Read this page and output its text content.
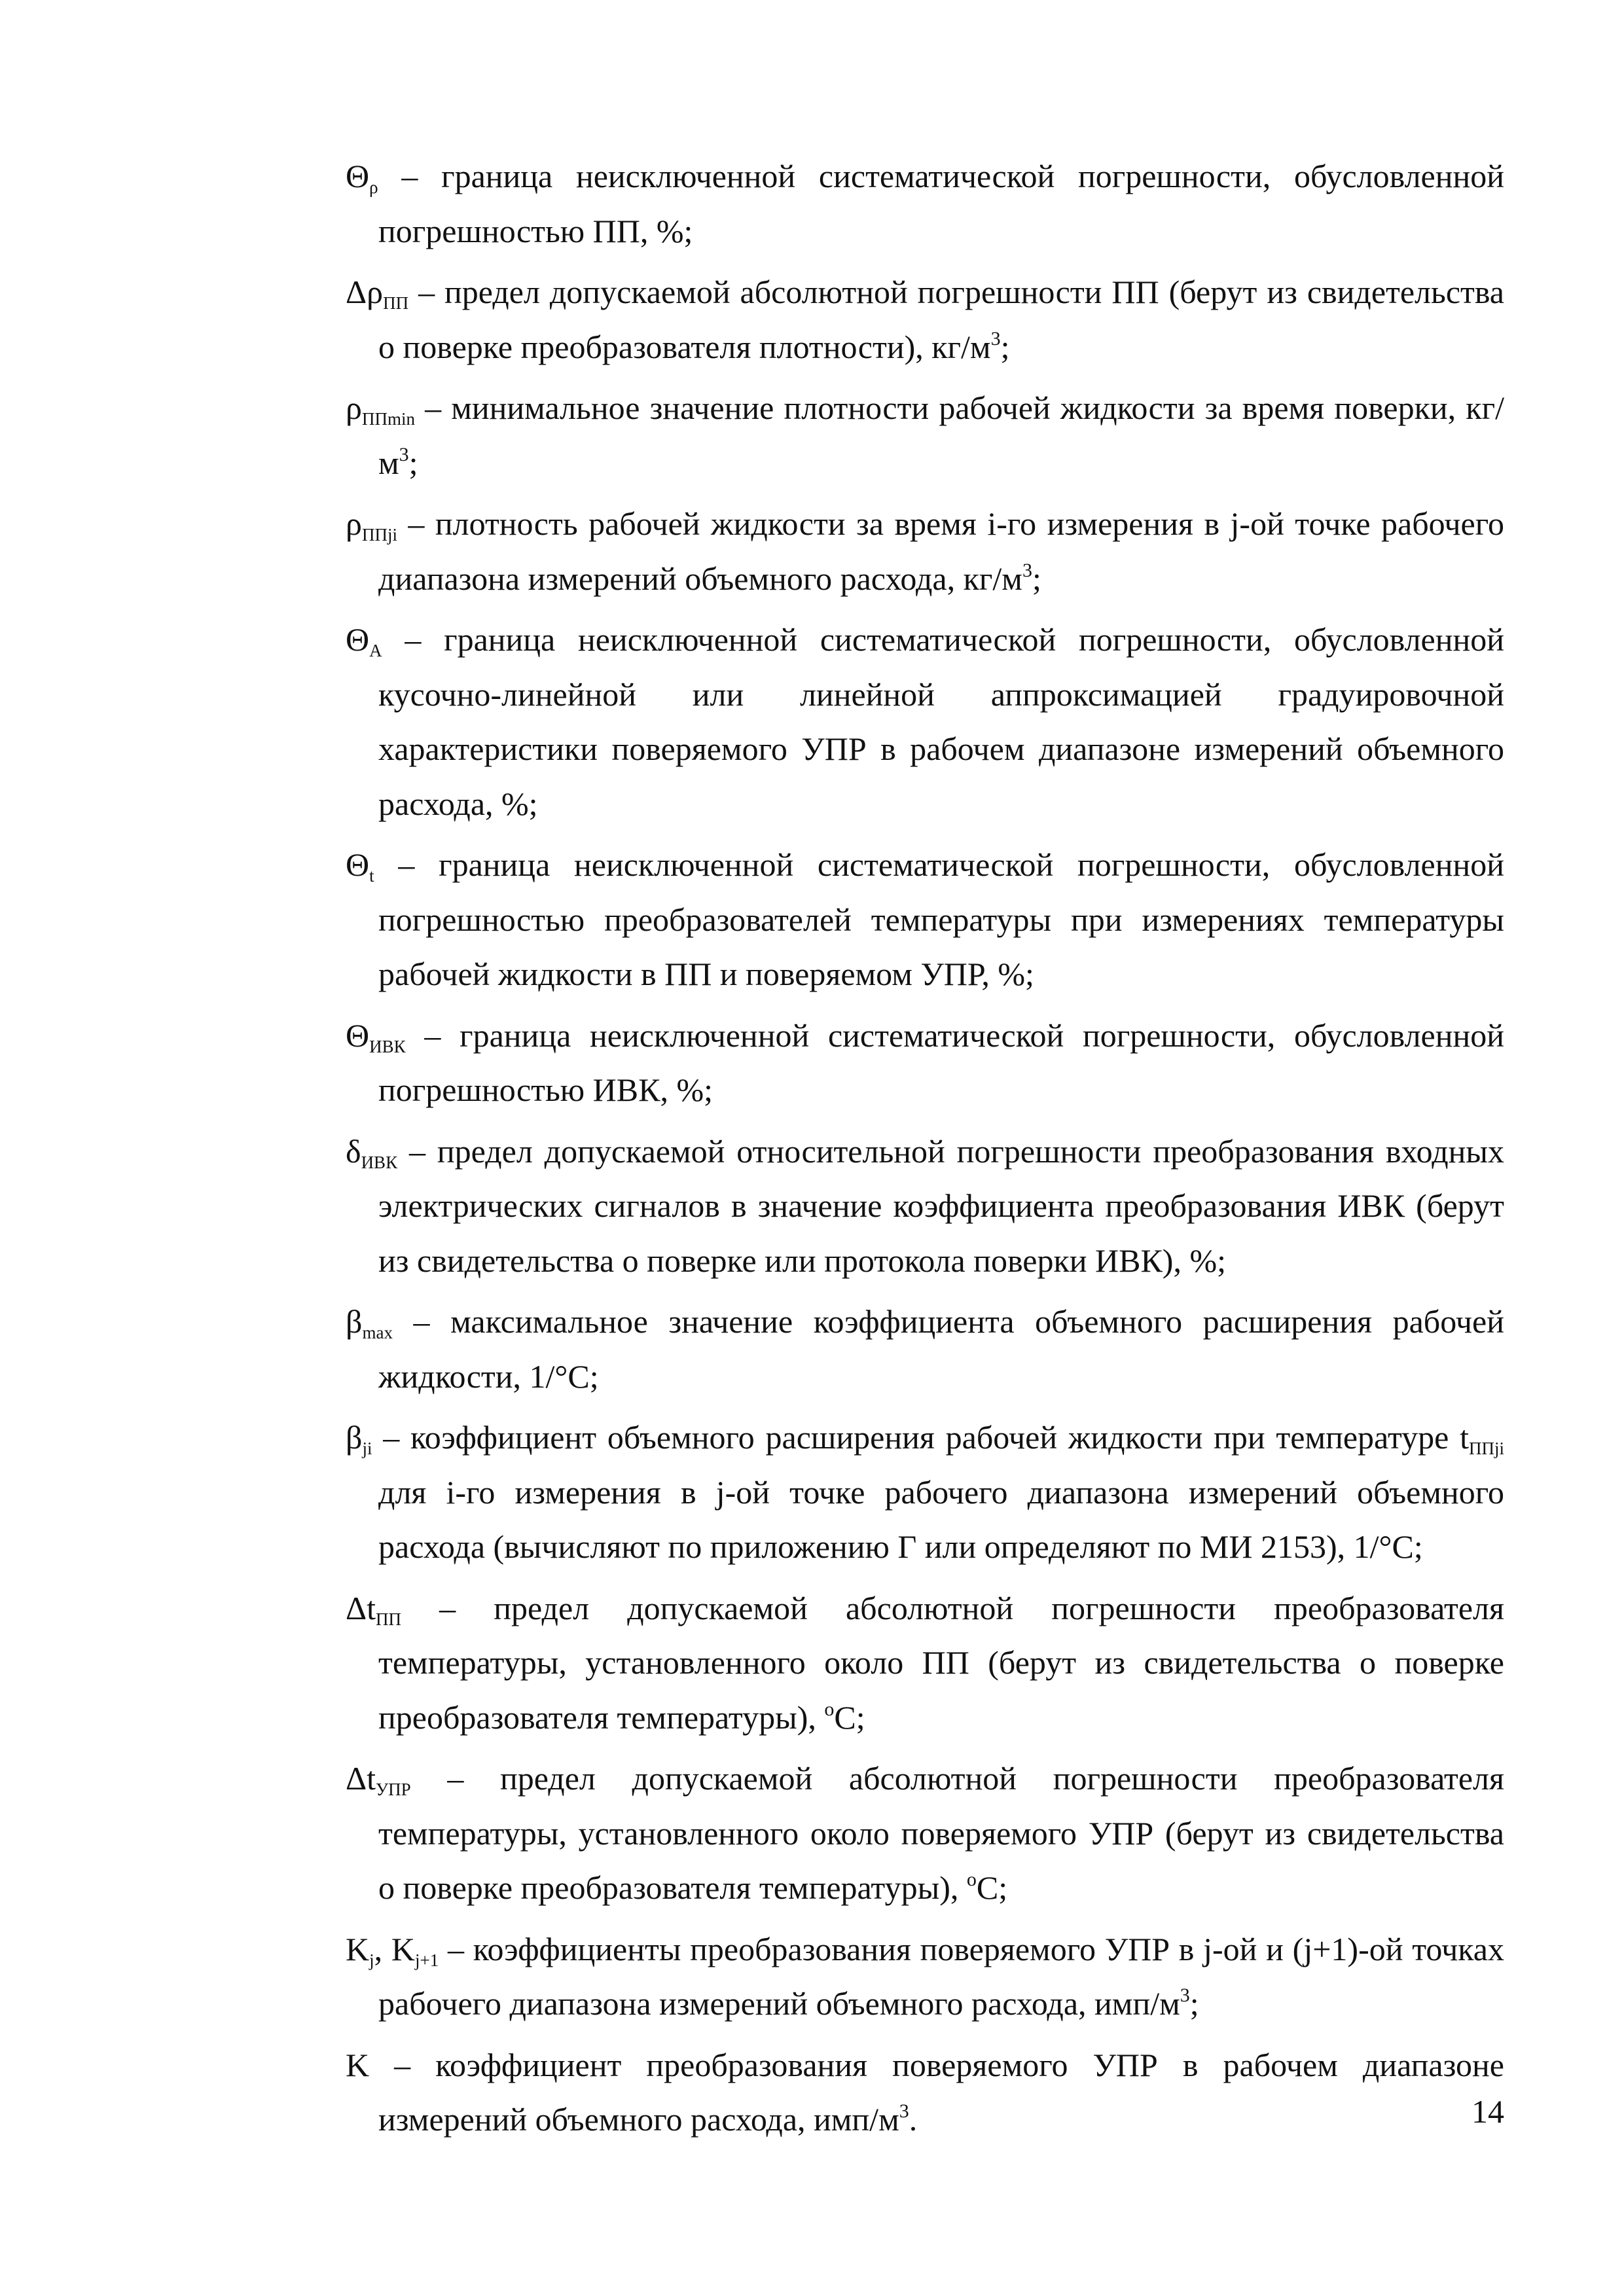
$\Theta_\rho$ – граница неисключенной систематической погрешности, обусловленной погрешностью ПП, %;

$\Delta\rho_{ПП}$ – предел допускаемой абсолютной погрешности ПП (берут из свидетельства о поверке преобразователя плотности), $кг/м^3$;

$\rho_{ППmin}$ – минимальное значение плотности рабочей жидкости за время поверки, $кг/м^3$;

$\rho_{ППji}$ – плотность рабочей жидкости за время i-го измерения в j-ой точке рабочего диапазона измерений объемного расхода, $кг/м^3$;

$\Theta_A$ – граница неисключенной систематической погрешности, обусловленной кусочно-линейной или линейной аппроксимацией градуировочной характеристики поверяемого УПР в рабочем диапазоне измерений объемного расхода, %;

$\Theta_t$ – граница неисключенной систематической погрешности, обусловленной погрешностью преобразователей температуры при измерениях температуры рабочей жидкости в ПП и поверяемом УПР, %;

$\Theta_{ИВК}$ – граница неисключенной систематической погрешности, обусловленной погрешностью ИВК, %;

$\delta_{ИВК}$ – предел допускаемой относительной погрешности преобразования входных электрических сигналов в значение коэффициента преобразования ИВК (берут из свидетельства о поверке или протокола поверки ИВК), %;

$\beta_{max}$ – максимальное значение коэффициента объемного расширения рабочей жидкости, 1/°C;

$\beta_{ji}$ – коэффициент объемного расширения рабочей жидкости при температуре $t_{ППji}$ для i-го измерения в j-ой точке рабочего диапазона измерений объемного расхода (вычисляют по приложению Г или определяют по МИ 2153), 1/°C;

$\Delta t_{ПП}$ – предел допускаемой абсолютной погрешности преобразователя температуры, установленного около ПП (берут из свидетельства о поверке преобразователя температуры), $^o$C;

$\Delta t_{УПР}$ – предел допускаемой абсолютной погрешности преобразователя температуры, установленного около поверяемого УПР (берут из свидетельства о поверке преобразователя температуры), $^o$C;

$K_j$, $K_{j+1}$ – коэффициенты преобразования поверяемого УПР в j-ой и (j+1)-ой точках рабочего диапазона измерений объемного расхода, имп/$м^3$;

K – коэффициент преобразования поверяемого УПР в рабочем диапазоне измерений объемного расхода, имп/$м^3$.	14
